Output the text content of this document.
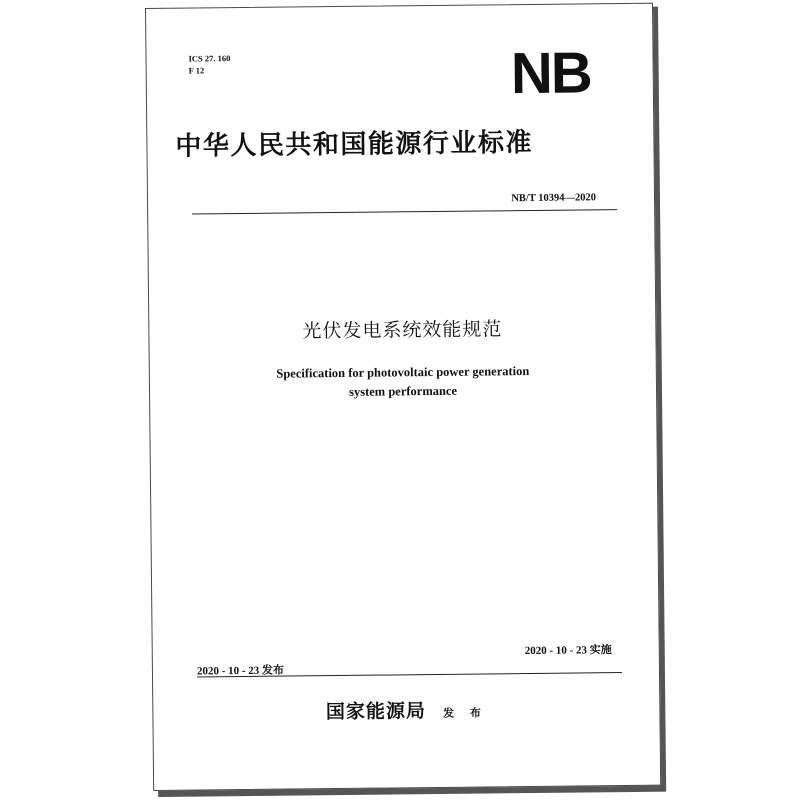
ICS 27. 160
F 12	NB
中华人民共和国能源行业标准
NB/T 10394—2020
光伏发电系统效能规范
Specification for photovoltaic power generation
system performance
2020 - 10 - 23 实施
2020 - 10 - 23 发布
国家能源局 发 布
